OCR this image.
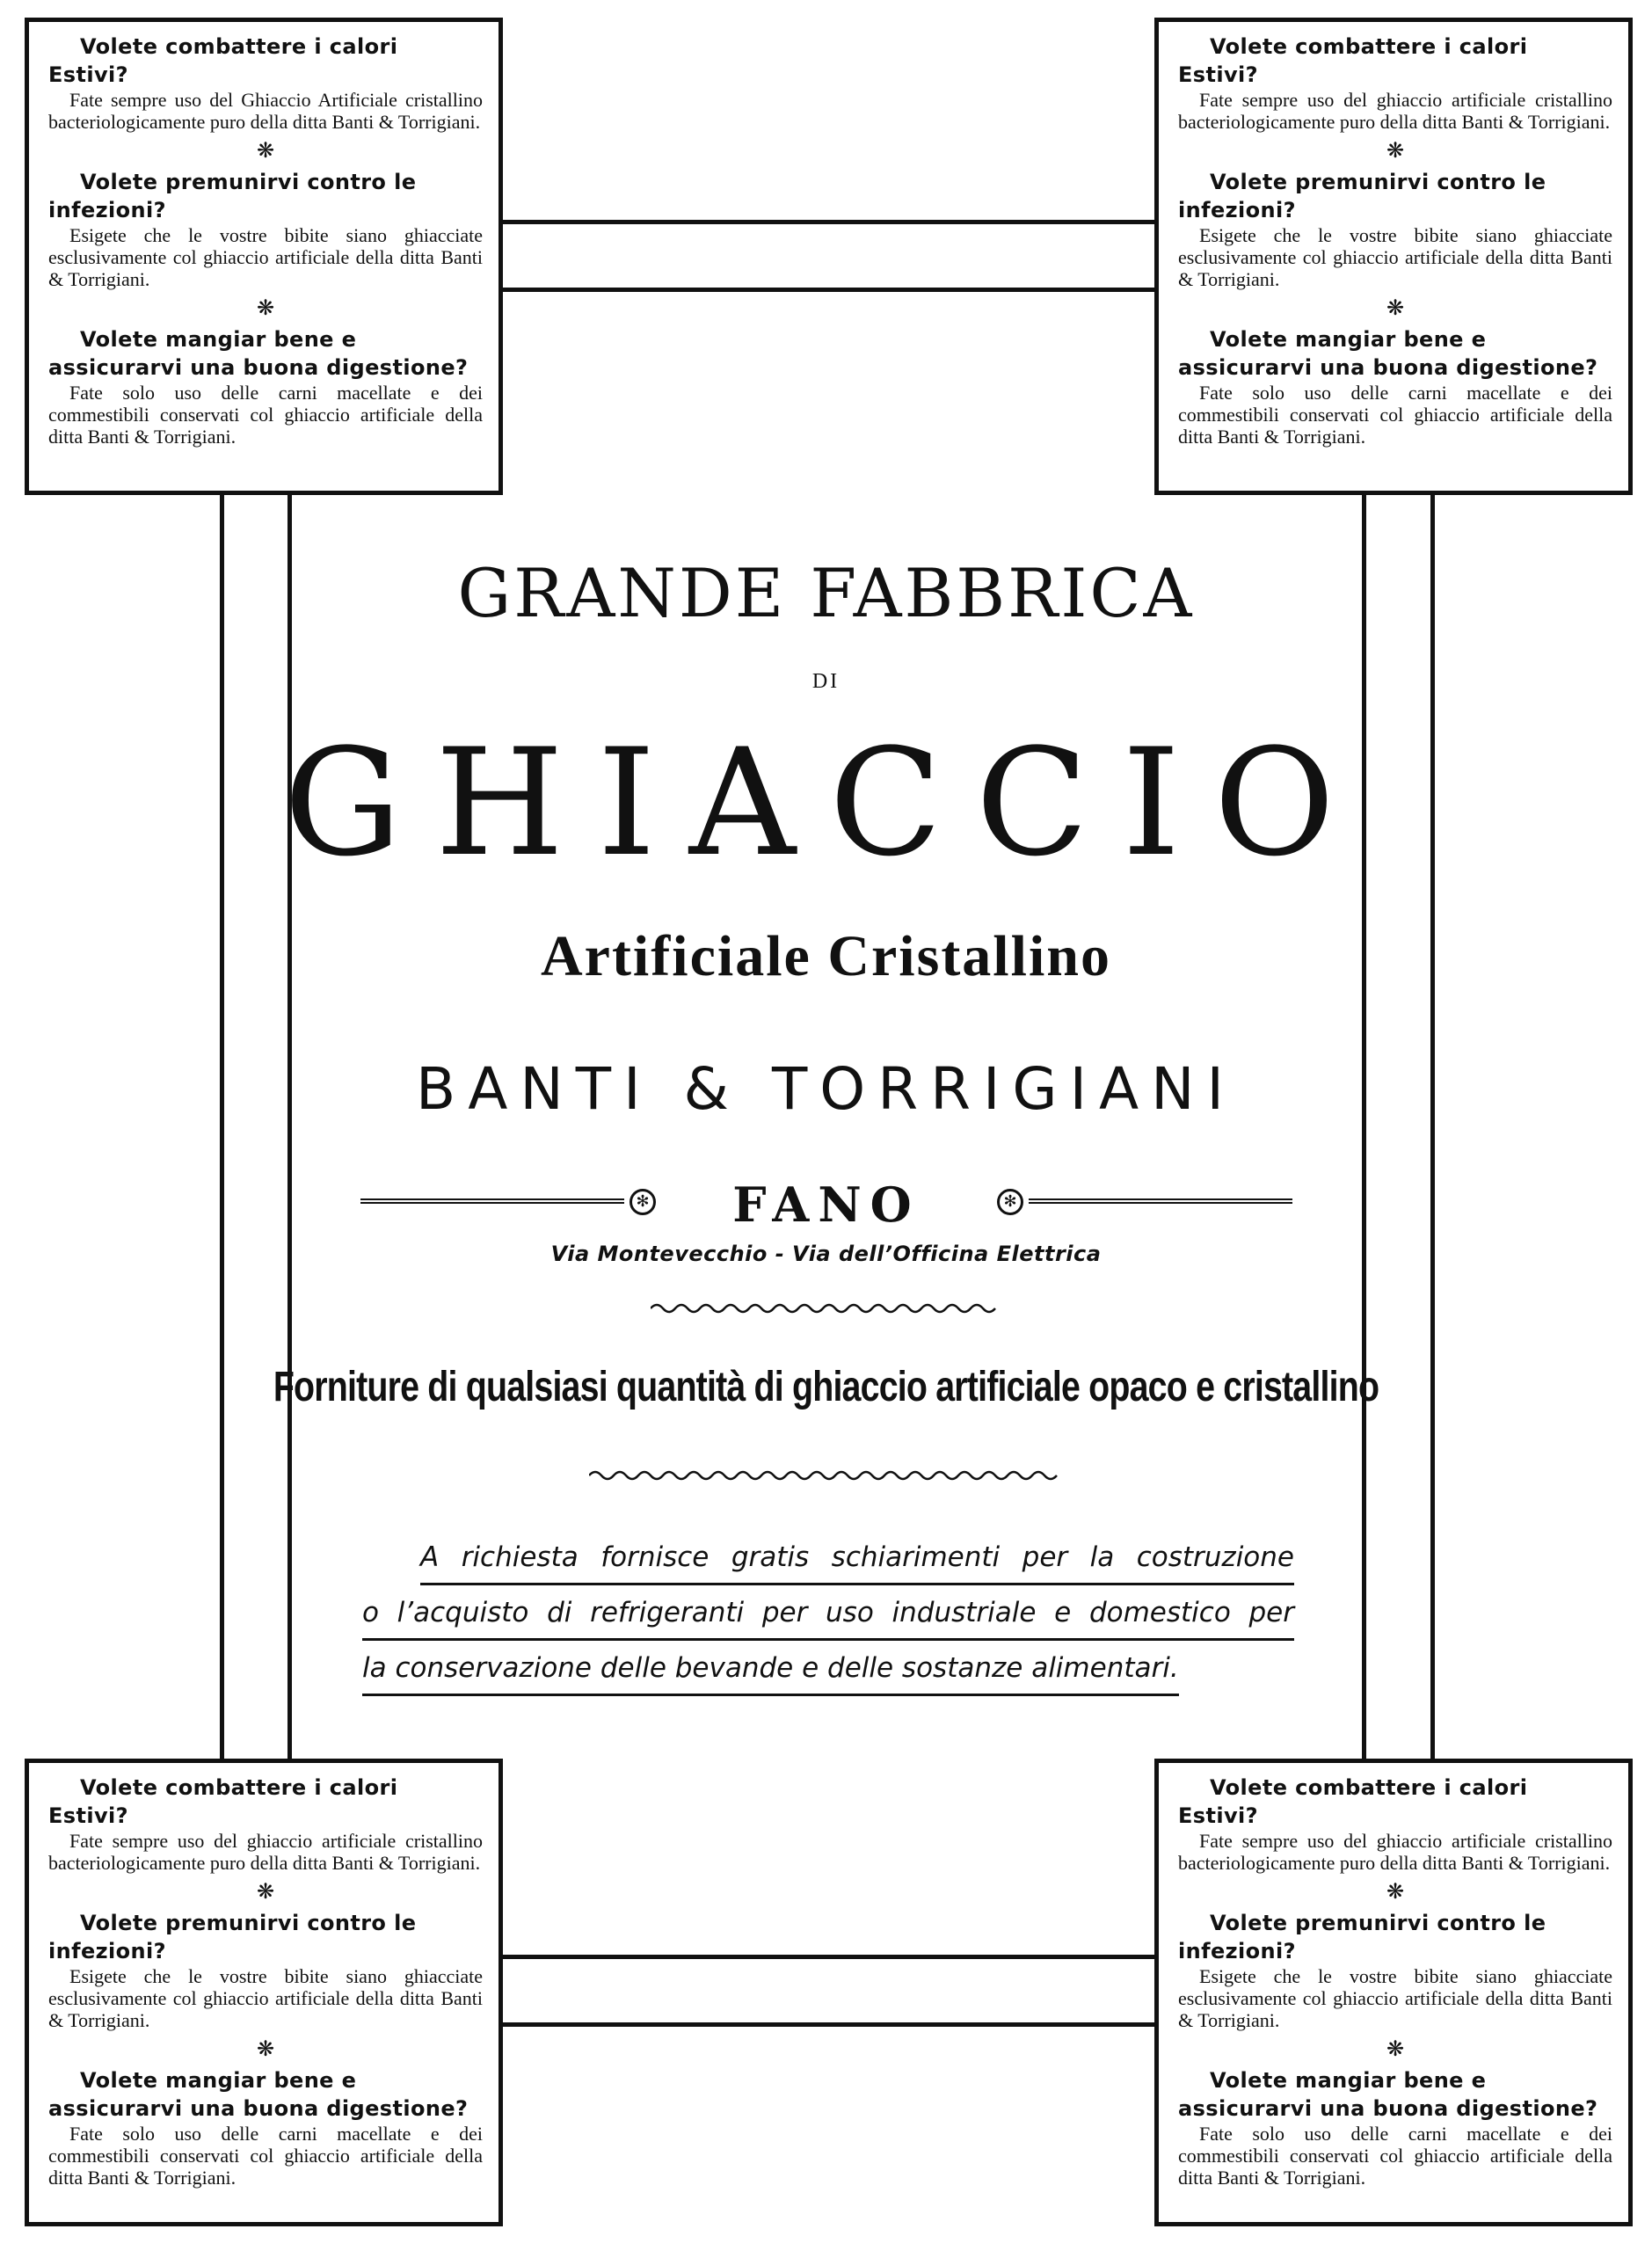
Volete combattere i calori Estivi?

Fate sempre uso del Ghiaccio Artificiale cristallino bacteriologicamente puro della ditta Banti & Torrigiani.

❋

Volete premunirvi contro le infezioni?

Esigete che le vostre bibite siano ghiacciate esclusivamente col ghiaccio artificiale della ditta Banti & Torrigiani.

❋

Volete mangiar bene e assicurarvi una buona digestione?

Fate solo uso delle carni macellate e dei commestibili conservati col ghiaccio artificiale della ditta Banti & Torrigiani.

Volete combattere i calori Estivi?

Fate sempre uso del ghiaccio artificiale cristallino bacteriologicamente puro della ditta Banti & Torrigiani.

❋

Volete premunirvi contro le infezioni?

Esigete che le vostre bibite siano ghiacciate esclusivamente col ghiaccio artificiale della ditta Banti & Torrigiani.

❋

Volete mangiar bene e assicurarvi una buona digestione?

Fate solo uso delle carni macellate e dei commestibili conservati col ghiaccio artificiale della ditta Banti & Torrigiani.

Volete combattere i calori Estivi?

Fate sempre uso del ghiaccio artificiale cristallino bacteriologicamente puro della ditta Banti & Torrigiani.

❋

Volete premunirvi contro le infezioni?

Esigete che le vostre bibite siano ghiacciate esclusivamente col ghiaccio artificiale della ditta Banti & Torrigiani.

❋

Volete mangiar bene e assicurarvi una buona digestione?

Fate solo uso delle carni macellate e dei commestibili conservati col ghiaccio artificiale della ditta Banti & Torrigiani.

Volete combattere i calori Estivi?

Fate sempre uso del ghiaccio artificiale cristallino bacteriologicamente puro della ditta Banti & Torrigiani.

❋

Volete premunirvi contro le infezioni?

Esigete che le vostre bibite siano ghiacciate esclusivamente col ghiaccio artificiale della ditta Banti & Torrigiani.

❋

Volete mangiar bene e assicurarvi una buona digestione?

Fate solo uso delle carni macellate e dei commestibili conservati col ghiaccio artificiale della ditta Banti & Torrigiani.

GRANDE FABBRICA
DI
GHIACCIO
Artificiale Cristallino
BANTI & TORRIGIANI
✻	FANO	✻
Via Montevecchio - Via dell’Officina Elettrica
Forniture di qualsiasi quantità di ghiaccio artificiale opaco e cristallino
A richiesta fornisce gratis schiarimenti per la costruzione
o l’acquisto di refrigeranti per uso industriale e domestico per
la conservazione delle bevande e delle sostanze alimentari.
